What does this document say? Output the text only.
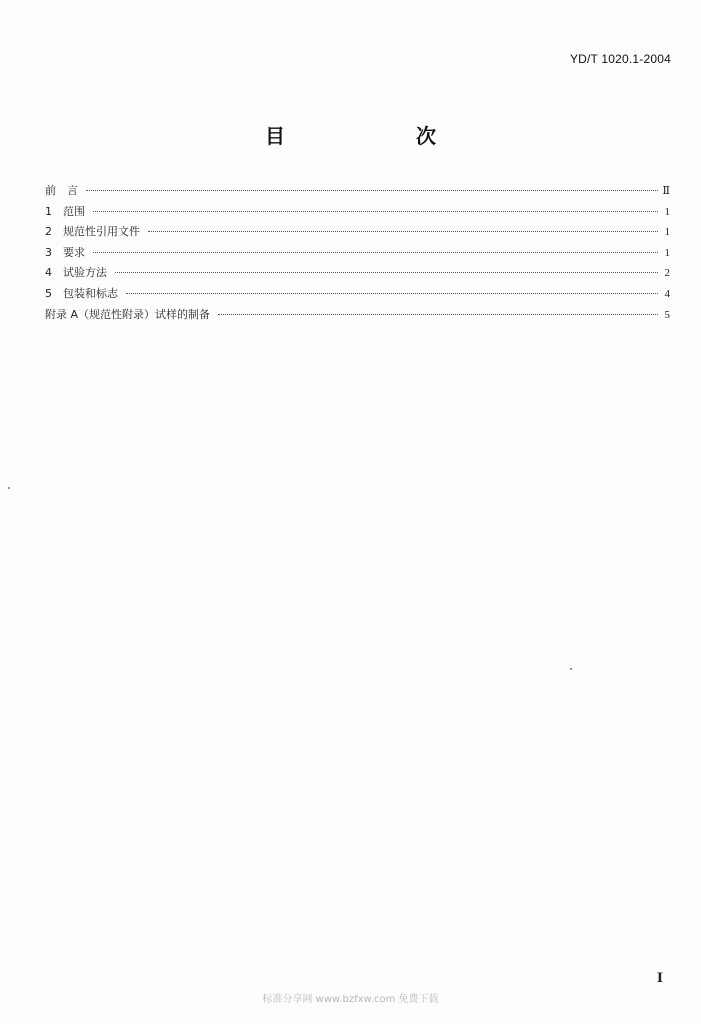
YD/T 1020.1-2004
目 次
前　言	Ⅱ
1　范围	1
2　规范性引用文件	1
3　要求	1
4　试验方法	2
5　包装和标志	4
附录 A（规范性附录）试样的制备	5
Ⅰ
标准分享网 www.bzfxw.com 免费下载
